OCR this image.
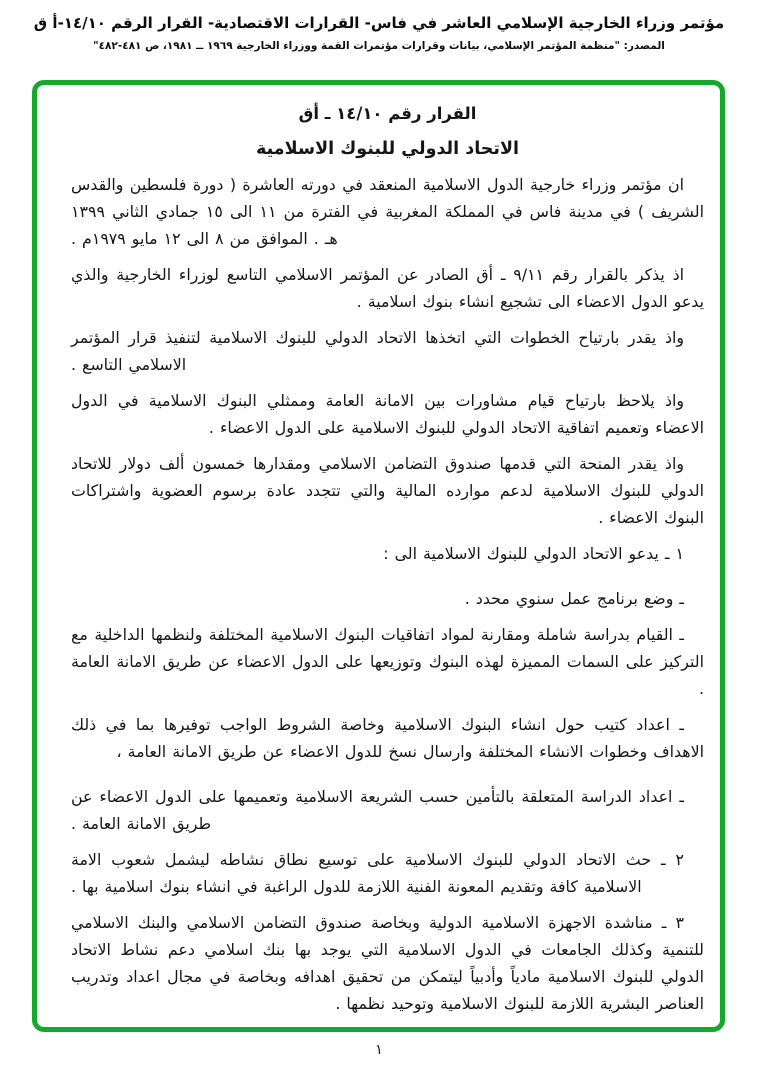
مؤتمر وزراء الخارجية الإسلامي العاشر في فاس- القرارات الاقتصادية- القرار الرقم ١٤/١٠-أ ق
المصدر: "منظمة المؤتمر الإسلامي، بيانات وقرارات مؤتمرات القمة ووزراء الخارجية ١٩٦٩ ــ ١٩٨١، ص ٤٨١-٤٨٢"
القرار رقم ١٤/١٠ ـ أق
الاتحاد الدولي للبنوك الاسلامية

ان مؤتمر وزراء خارجية الدول الاسلامية المنعقد في دورته العاشرة ( دورة فلسطين والقدس الشريف ) في مدينة فاس في المملكة المغربية في الفترة من ١١ الى ١٥ جمادي الثاني ١٣٩٩ هـ . الموافق من ٨ الى ١٢ مايو ١٩٧٩م .

اذ يذكر بالقرار رقم ٩/١١ ـ أق الصادر عن المؤتمر الاسلامي التاسع لوزراء الخارجية والذي يدعو الدول الاعضاء الى تشجيع انشاء بنوك اسلامية .

واذ يقدر بارتياح الخطوات التي اتخذها الاتحاد الدولي للبنوك الاسلامية لتنفيذ قرار المؤتمر الاسلامي التاسع .

واذ يلاحظ بارتياح قيام مشاورات بين الامانة العامة وممثلي البنوك الاسلامية في الدول الاعضاء وتعميم اتفاقية الاتحاد الدولي للبنوك الاسلامية على الدول الاعضاء .

واذ يقدر المنحة التي قدمها صندوق التضامن الاسلامي ومقدارها خمسون ألف دولار للاتحاد الدولي للبنوك الاسلامية لدعم موارده المالية والتي تتجدد عادة برسوم العضوية واشتراكات البنوك الاعضاء .

١ ـ يدعو الاتحاد الدولي للبنوك الاسلامية الى :

ـ وضع برنامج عمل سنوي محدد .

ـ القيام بدراسة شاملة ومقارنة لمواد اتفاقيات البنوك الاسلامية المختلفة ولنظمها الداخلية مع التركيز على السمات المميزة لهذه البنوك وتوزيعها على الدول الاعضاء عن طريق الامانة العامة .

ـ اعداد كتيب حول انشاء البنوك الاسلامية وخاصة الشروط الواجب توفيرها بما في ذلك الاهداف وخطوات الانشاء المختلفة وارسال نسخ للدول الاعضاء عن طريق الامانة العامة ،

ـ اعداد الدراسة المتعلقة بالتأمين حسب الشريعة الاسلامية وتعميمها على الدول الاعضاء عن طريق الامانة العامة .

٢ ـ حث الاتحاد الدولي للبنوك الاسلامية على توسيع نطاق نشاطه ليشمل شعوب الامة الاسلامية كافة وتقديم المعونة الفنية اللازمة للدول الراغبة في انشاء بنوك اسلامية بها .

٣ ـ مناشدة الاجهزة الاسلامية الدولية وبخاصة صندوق التضامن الاسلامي والبنك الاسلامي للتنمية وكذلك الجامعات في الدول الاسلامية التي يوجد بها بنك اسلامي دعم نشاط الاتحاد الدولي للبنوك الاسلامية مادياً وأدبياً ليتمكن من تحقيق اهدافه وبخاصة في مجال اعداد وتدريب العناصر البشرية اللازمة للبنوك الاسلامية وتوحيد نظمها .

١
